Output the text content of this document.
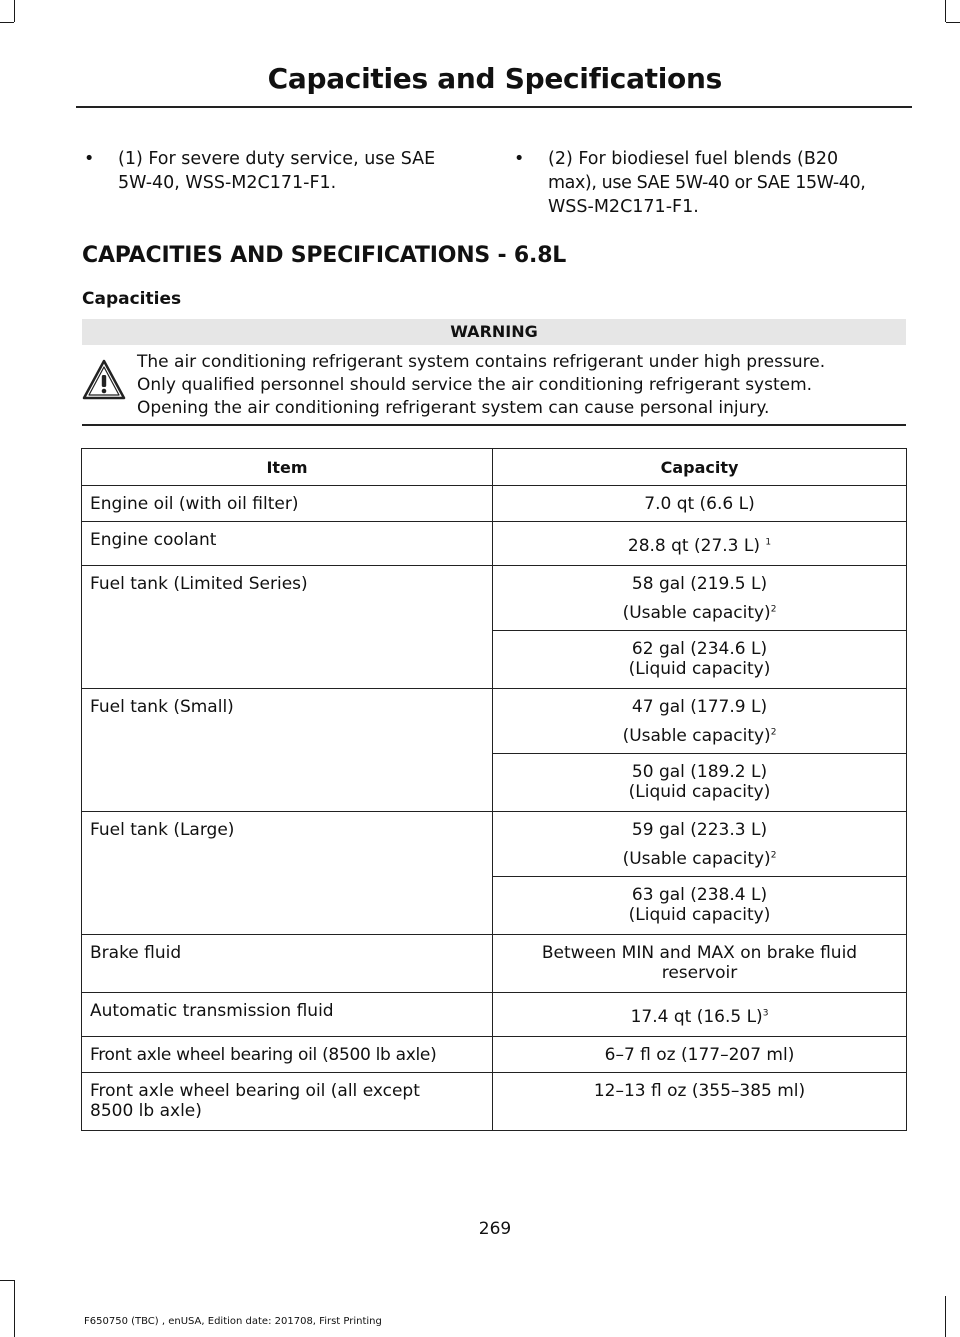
Capacities and Specifications
• (1) For severe duty service, use SAE
5W-40, WSS-M2C171-F1.
• (2) For biodiesel fuel blends (B20
max), use SAE 5W-40 or SAE 15W-40,
WSS-M2C171-F1.
CAPACITIES AND SPECIFICATIONS - 6.8L
Capacities
WARNING
The air conditioning refrigerant system contains refrigerant under high pressure.
Only qualified personnel should service the air conditioning refrigerant system.
Opening the air conditioning refrigerant system can cause personal injury.
Item	Capacity
Engine oil (with oil filter)	7.0 qt (6.6 L)

Engine coolant	28.8 qt (27.3 L) $^1$

Fuel tank (Limited Series)	58 gal (219.5 L)
(Usable capacity)$^2$

	62 gal (234.6 L)
(Liquid capacity)

Fuel tank (Small)	47 gal (177.9 L)
(Usable capacity)$^2$

	50 gal (189.2 L)
(Liquid capacity)

Fuel tank (Large)	59 gal (223.3 L)
(Usable capacity)$^2$

	63 gal (238.4 L)
(Liquid capacity)

Brake fluid	Between MIN and MAX on brake fluid
reservoir

Automatic transmission fluid	17.4 qt (16.5 L)$^3$

Front axle wheel bearing oil (8500 lb axle)	6–7 fl oz (177–207 ml)

Front axle wheel bearing oil (all except
8500 lb axle)	12–13 fl oz (355–385 ml)
269
F650750 (TBC) , enUSA, Edition date: 201708, First Printing
